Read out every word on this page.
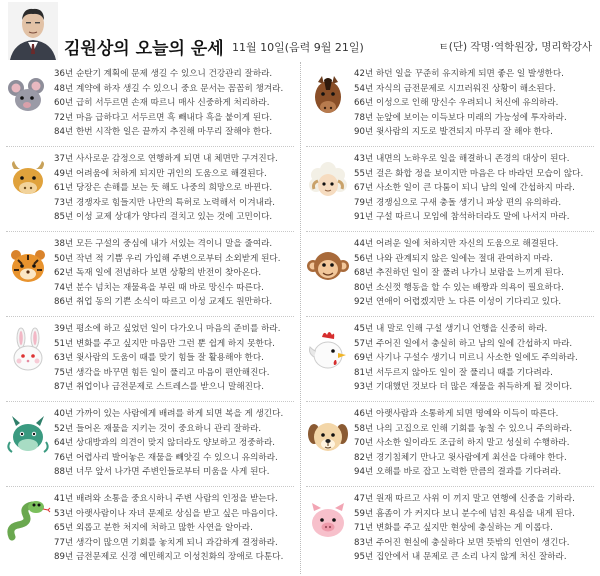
김원상의 오늘의 운세 11월 10일(음력 9월 21일)	ㅌ(단) 작명·역학원장, 명리학강사
36년 순탄기 계획에 문제 생길 수 있으니 건강관리 잘하라.
48년 계약에 하자 생길 수 있으니 중요 문서는 꼼꼼히 챙겨라.
60년 급히 서두르면 손재 따르니 매사 신중하게 처리하라.
72년 마음 급하다고 서두르면 흑 빼내다 흑을 붙이게 된다.
84년 한번 시작한 일은 끝까지 추진해 마무리 잘해야 한다.
37년 사사로운 감정으로 연행하게 되면 내 체면만 구겨진다.
49년 어려움에 처하게 되지만 귀인의 도움으로 해결된다.
61년 당장은 손해를 보는 듯 해도 나중의 희망으로 바뀐다.
73년 경쟁자로 힘들지만 나만의 특허로 노력해서 이겨내라.
85년 이성 교제 상대가 양다리 걸치고 있는 것에 고민이다.
38년 모든 구설의 중심에 내가 서있는 격이니 말을 줄여라.
50년 작년 적 기쁨 우리 가입해 주변으로부터 소외받게 된다.
62년 독재 일에 전념하다 보면 상황의 반전이 찾아온다.
74년 분수 넘치는 재물욕을 부린 때 바로 망신수 따른다.
86년 취업 동의 기쁜 소식이 따르고 이성 교제도 원만하다.
39년 평소에 하고 싶었던 일이 다가오니 마음의 준비를 하라.
51년 변화를 주고 싶지만 마음만 그런 뿐 쉽게 하지 못한다.
63년 윗사람의 도움이 때를 맞기 힘들 잘 활용해야 한다.
75년 생각을 바꾸면 힘든 일이 풀리고 마음이 편안해진다.
87년 취업이나 금전문제로 스트레스를 받으니 말해진다.
40년 가까이 있는 사람에게 배려를 하게 되면 복을 게 생긴다.
52년 들어온 재물을 지키는 것이 중요하니 관리 잘하라.
64년 상대방과의 의견이 맞지 않더라도 양보하고 정중하라.
76년 어렵사리 발어놓은 재물을 빼앗길 수 있으니 유의하라.
88년 너무 앞서 나가면 주변인들로부터 미움을 사게 된다.
41년 배려와 소통을 중요시하니 주변 사람의 인정을 받는다.
53년 아랫사람이나 자녀 문제로 상심을 받고 싶은 마음이다.
65년 외롭고 분한 처지에 처하고 많한 사연을 알아라.
77년 생각이 많으면 기회를 놓치게 되니 과감하게 결정하라.
89년 금전문제로 신경 예민해지고 이성친화의 장애로 다툰다.
42년 하던 일을 꾸준히 유지하게 되면 좋은 일 발생한다.
54년 자식의 금전문제로 시끄러워진 상황이 해소된다.
66년 이성으로 인해 망신수 우려되니 처신에 유의하라.
78년 눈앞에 보이는 이득보다 미래의 가능성에 투자하라.
90년 윗사람의 지도로 발견되지 마무리 잘 해야 한다.
43년 내면의 노하우로 일을 해결하니 존경의 대상이 된다.
55년 걸은 화합 정을 보이지만 마음은 다 바라던 모습이 않다.
67년 사소한 일이 큰 다툼이 되니 남의 일에 간섭하지 마라.
79년 경쟁심으로 구새 충돌 생기니 파상 편의 유의하라.
91년 구설 따르니 모임에 참석하더라도 말에 나서지 마라.
44년 어려운 일에 처하지만 자신의 도움으로 해결된다.
56년 나와 관계되지 않은 일에는 절대 관여하지 마라.
68년 추진하던 일이 잘 풀려 나가니 보람을 느끼게 된다.
80년 소신껏 행동을 할 수 있는 배짱과 의욕이 필요하다.
92년 연애이 어렵겠지만 노 다른 이성이 기다리고 있다.
45년 내 말로 인해 구설 생기니 언행을 신중히 하라.
57년 주어진 일에서 충실히 하고 남의 일에 간섭하지 마라.
69년 사기나 구설수 생기니 미르니 사소한 일에도 주의하라.
81년 서두르지 않아도 일이 잘 풀리니 때를 기다려라.
93년 기대했던 것보다 더 많은 재물을 취득하게 될 것이다.
46년 아랫사람과 소통하게 되면 명예와 이득이 따른다.
58년 나의 고집으로 인해 기회를 놓칠 수 있으니 주의하라.
70년 사소한 일이라도 조급히 하지 말고 성실히 수행하라.
82년 경기침체기 만나고 윗사람에게 최선을 다해야 한다.
94년 오해를 바로 잡고 노력한 만큼의 결과를 기다려라.
47년 원재 따르고 사위 이 끼지 말고 연행에 신중을 기하라.
59년 흠좀이 가 커지다 보니 분수에 넘친 욕심을 내게 된다.
71년 변화를 주고 싶지만 현상에 충실하는 게 이롭다.
83년 주어진 현실에 충실하다 보면 뜻밖의 인연이 생긴다.
95년 집안에서 내 문제로 큰 소리 나지 않게 처신 잘하라.
